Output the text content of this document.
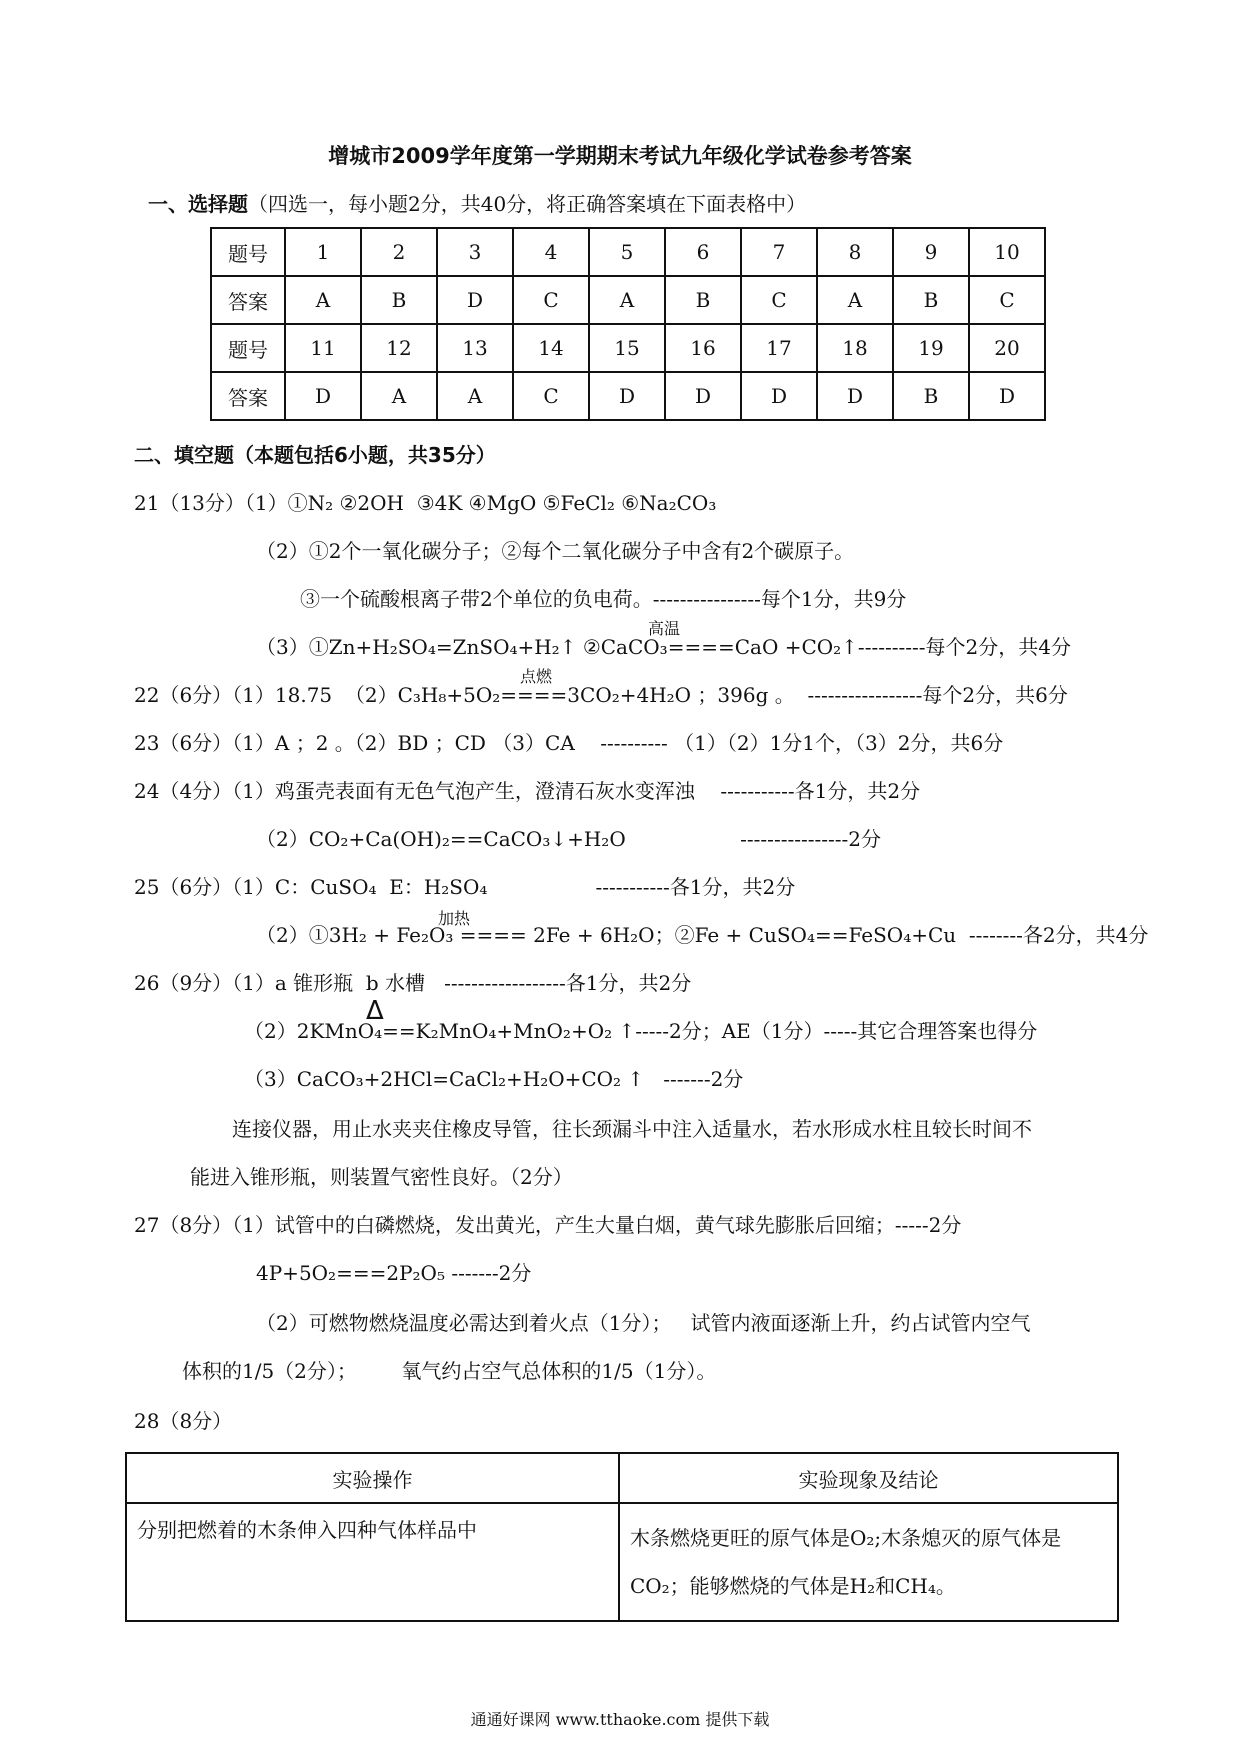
增城市2009学年度第一学期期末考试九年级化学试卷参考答案
一、选择题（四选一，每小题2分，共40分，将正确答案填在下面表格中）
题号	1	2	3	4	5	6	7	8	9	10
答案	A	B	D	C	A	B	C	A	B	C
题号	11	12	13	14	15	16	17	18	19	20
答案	D	A	A	C	D	D	D	D	B	D
二、填空题（本题包括6小题，共35分）
21（13分）（1）①N₂ ②2OH  ③4K ④MgO ⑤FeCl₂ ⑥Na₂CO₃
（2）①2个一氧化碳分子；②每个二氧化碳分子中含有2个碳原子。
③一个硫酸根离子带2个单位的负电荷。----------------每个1分，共9分
高温
（3）①Zn+H₂SO₄=ZnSO₄+H₂↑ ②CaCO₃====CaO +CO₂↑----------每个2分，共4分
点燃
22（6分）（1）18.75  （2）C₃H₈+5O₂====3CO₂+4H₂O ；396g 。  -----------------每个2分，共6分
23（6分）（1）A ；2 。（2）BD ；CD （3）CA    ---------- （1）（2）1分1个，（3）2分，共6分
24（4分）（1）鸡蛋壳表面有无色气泡产生，澄清石灰水变浑浊    -----------各1分，共2分
（2）CO₂+Ca(OH)₂==CaCO₃↓+H₂O                  ----------------2分
25（6分）（1）C：CuSO₄  E：H₂SO₄                 -----------各1分，共2分
加热
（2）①3H₂ + Fe₂O₃ ==== 2Fe + 6H₂O；②Fe + CuSO₄==FeSO₄+Cu  --------各2分，共4分
26（9分）（1）a 锥形瓶  b 水槽   ------------------各1分，共2分
Δ
（2）2KMnO₄==K₂MnO₄+MnO₂+O₂ ↑-----2分；AE（1分）-----其它合理答案也得分
（3）CaCO₃+2HCl=CaCl₂+H₂O+CO₂ ↑   -------2分
连接仪器，用止水夹夹住橡皮导管，往长颈漏斗中注入适量水，若水形成水柱且较长时间不
能进入锥形瓶，则装置气密性良好。（2分）
27（8分）（1）试管中的白磷燃烧，发出黄光，产生大量白烟，黄气球先膨胀后回缩；-----2分
4P+5O₂===2P₂O₅ -------2分
（2）可燃物燃烧温度必需达到着火点（1分）；   试管内液面逐渐上升，约占试管内空气
体积的1/5（2分）；       氧气约占空气总体积的1/5（1分）。
28（8分）
实验操作	实验现象及结论
分别把燃着的木条伸入四种气体样品中	木条燃烧更旺的原气体是O₂;木条熄灭的原气体是CO₂；能够燃烧的气体是H₂和CH₄。
通通好课网 www.tthaoke.com 提供下载
